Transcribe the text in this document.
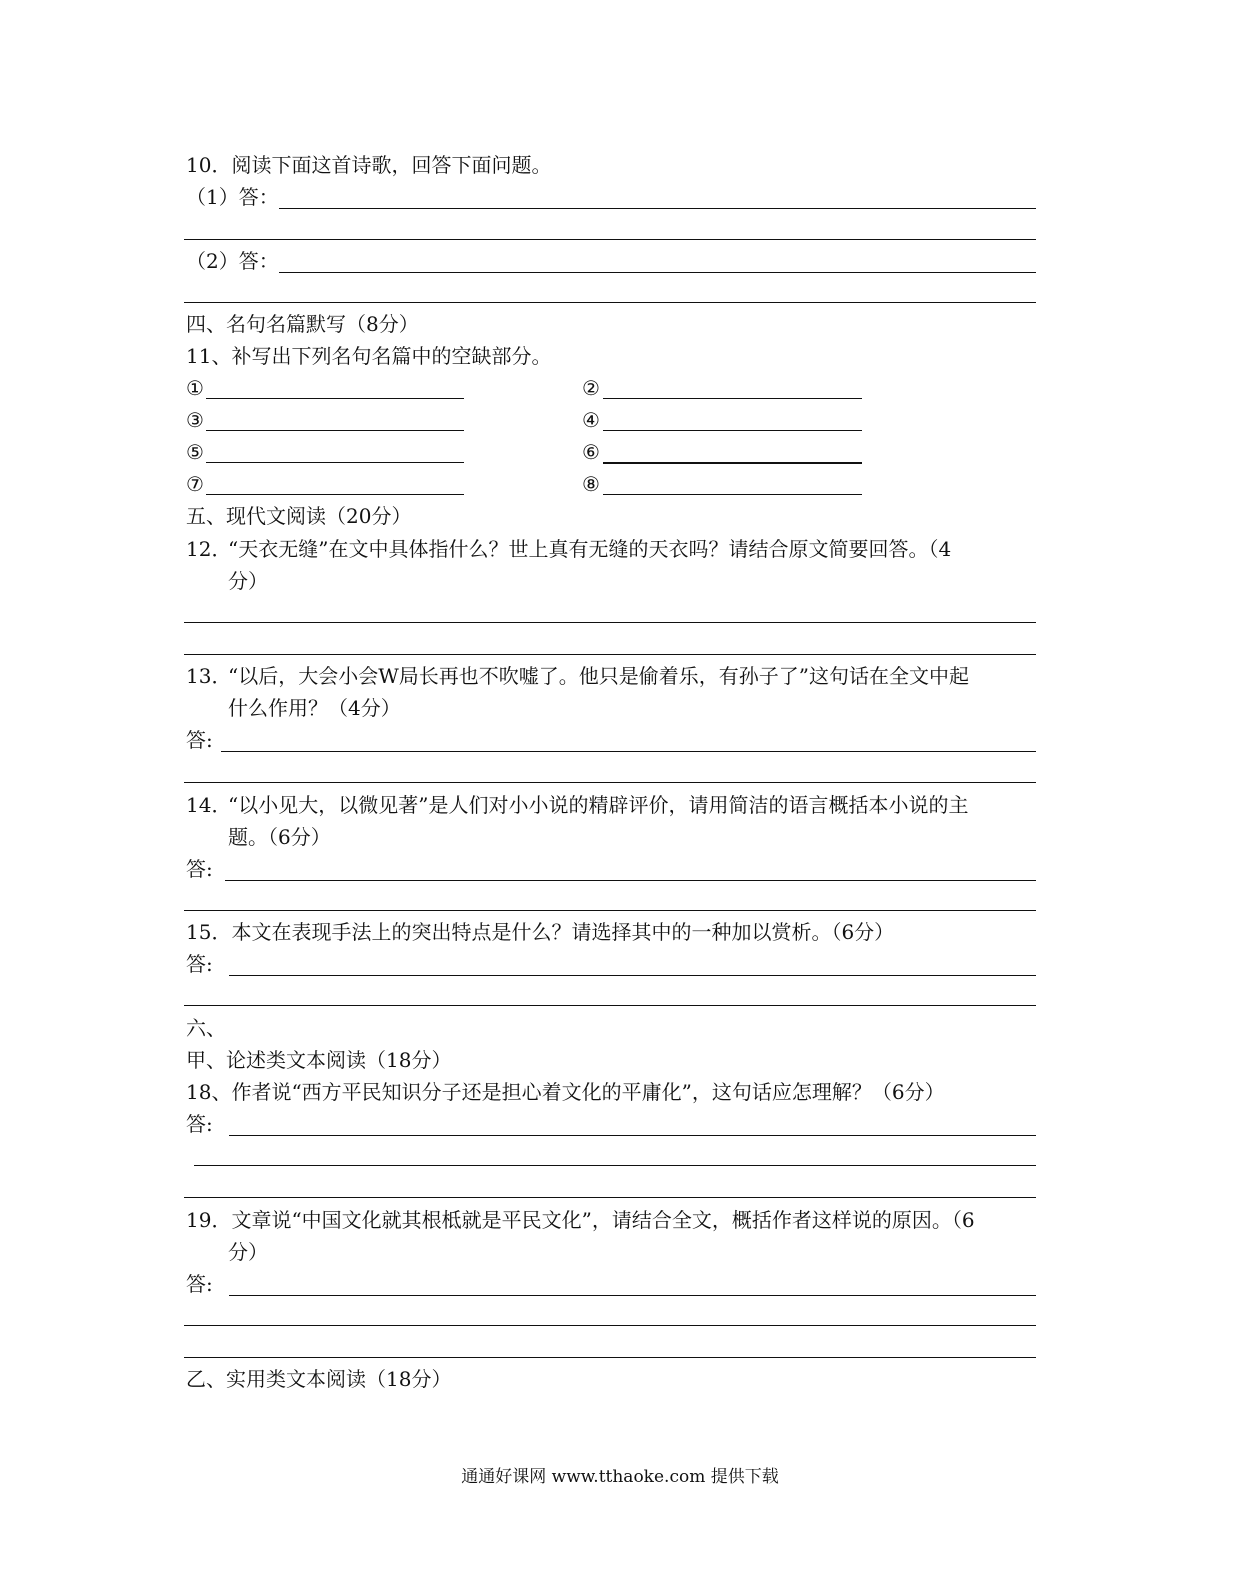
10．阅读下面这首诗歌，回答下面问题。
（1）答：
（2）答：
四、名句名篇默写（8分）
11、补写出下列名句名篇中的空缺部分。
①	②
③	④
⑤	⑥
⑦	⑧
五、现代文阅读（20分）
12．
“天衣无缝”在文中具体指什么？世上真有无缝的天衣吗？请结合原文简要回答。（4
分）
13．
“以后，大会小会W局长再也不吹嘘了。他只是偷着乐，有孙子了”这句话在全文中起
什么作用？（4分）
答:
14．
“以小见大，以微见著”是人们对小小说的精辟评价，请用简洁的语言概括本小说的主
题。（6分）
答:
15．本文在表现手法上的突出特点是什么？请选择其中的一种加以赏析。（6分）
答:
六、
甲、论述类文本阅读（18分）
18、作者说“西方平民知识分子还是担心着文化的平庸化”，这句话应怎理解？（6分）
答:
19．文章说“中国文化就其根柢就是平民文化”，请结合全文，概括作者这样说的原因。（6
分）
答:
乙、实用类文本阅读（18分）
通通好课网 www.tthaoke.com 提供下载
